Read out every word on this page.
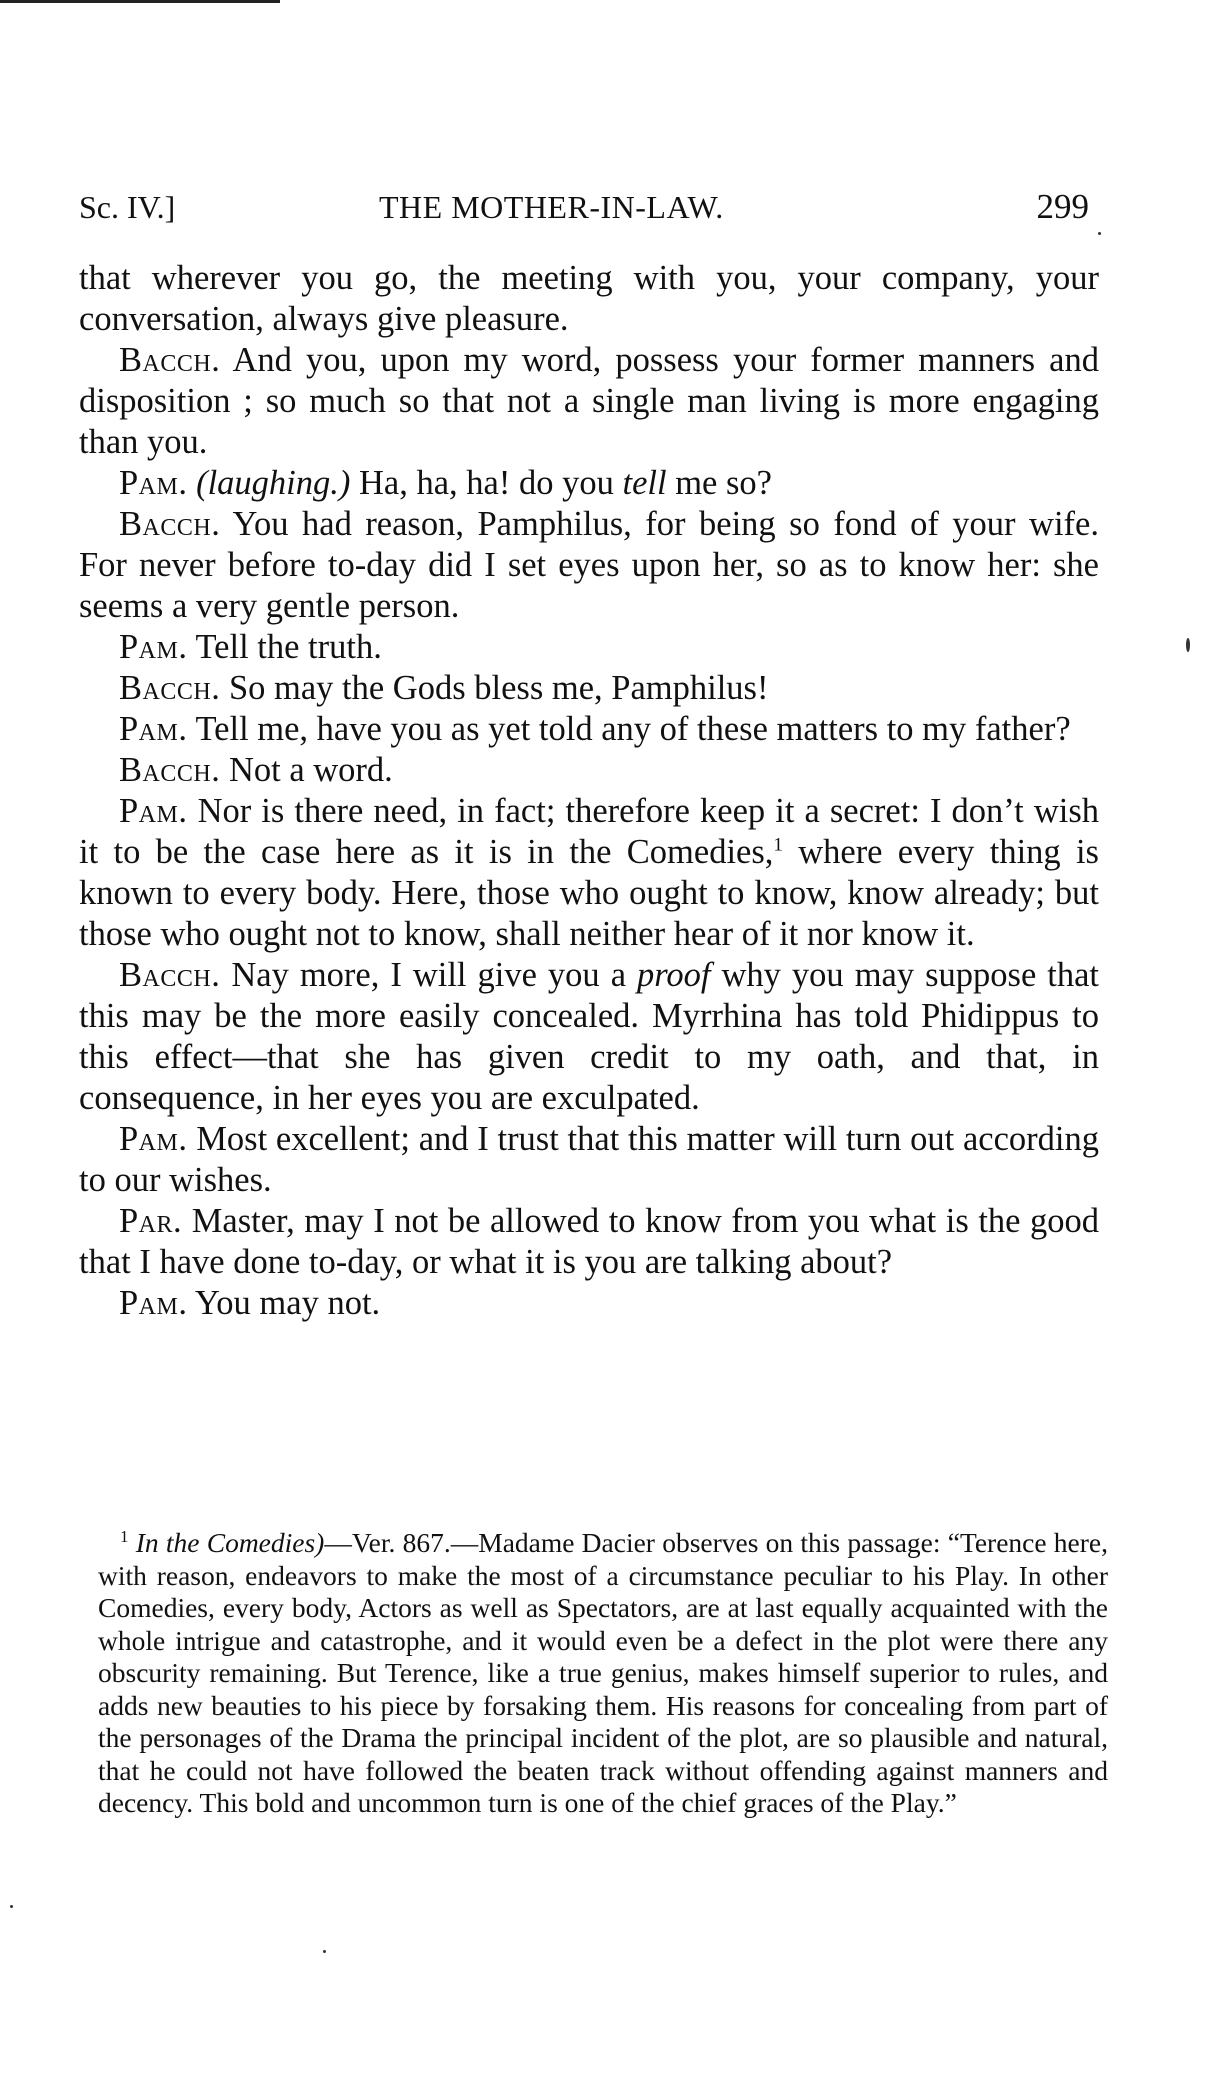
Sc. IV.]	THE MOTHER-IN-LAW.	299

that wherever you go, the meeting with you, your company, your conversation, always give pleasure.

Bacch. And you, upon my word, possess your former manners and disposition ; so much so that not a single man living is more engaging than you.

Pam. (laughing.) Ha, ha, ha! do you tell me so?

Bacch. You had reason, Pamphilus, for being so fond of your wife. For never before to-day did I set eyes upon her, so as to know her: she seems a very gentle person.

Pam. Tell the truth.

Bacch. So may the Gods bless me, Pamphilus!

Pam. Tell me, have you as yet told any of these matters to my father?

Bacch. Not a word.

Pam. Nor is there need, in fact; therefore keep it a secret: I don’t wish it to be the case here as it is in the Comedies,$^1$ where every thing is known to every body. Here, those who ought to know, know already; but those who ought not to know, shall neither hear of it nor know it.

Bacch. Nay more, I will give you a proof why you may suppose that this may be the more easily concealed. Myrrhina has told Phidippus to this effect—that she has given credit to my oath, and that, in consequence, in her eyes you are exculpated.

Pam. Most excellent; and I trust that this matter will turn out according to our wishes.

Par. Master, may I not be allowed to know from you what is the good that I have done to-day, or what it is you are talking about?

Pam. You may not.

$^1$ In the Comedies)—Ver. 867.—Madame Dacier observes on this passage: “Terence here, with reason, endeavors to make the most of a circumstance peculiar to his Play. In other Comedies, every body, Actors as well as Spectators, are at last equally acquainted with the whole intrigue and catastrophe, and it would even be a defect in the plot were there any obscurity remaining. But Terence, like a true genius, makes himself superior to rules, and adds new beauties to his piece by forsaking them. His reasons for concealing from part of the personages of the Drama the principal incident of the plot, are so plausible and natural, that he could not have followed the beaten track without offending against manners and decency. This bold and uncommon turn is one of the chief graces of the Play.”
